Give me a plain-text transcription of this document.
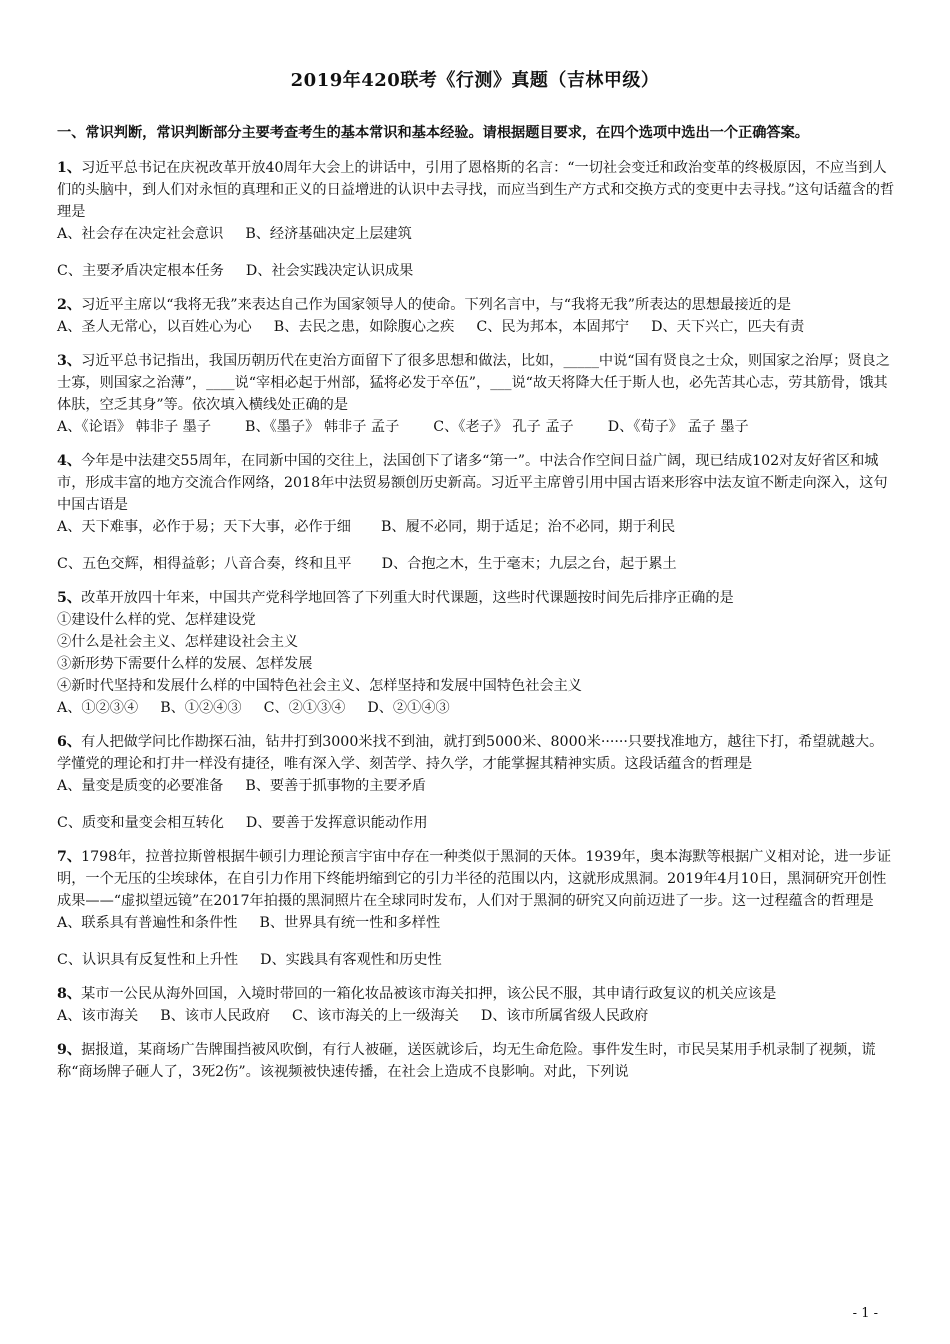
2019年420联考《行测》真题（吉林甲级）

一、常识判断，常识判断部分主要考查考生的基本常识和基本经验。请根据题目要求，在四个选项中选出一个正确答案。

1、习近平总书记在庆祝改革开放40周年大会上的讲话中，引用了恩格斯的名言：“一切社会变迁和政治变革的终极原因，不应当到人们的头脑中，到人们对永恒的真理和正义的日益增进的认识中去寻找，而应当到生产方式和交换方式的变更中去寻找。”这句话蕴含的哲理是

A、社会存在决定社会意识 B、经济基础决定上层建筑

C、主要矛盾决定根本任务 D、社会实践决定认识成果

2、习近平主席以“我将无我”来表达自己作为国家领导人的使命。下列名言中，与“我将无我”所表达的思想最接近的是

A、圣人无常心，以百姓心为心 B、去民之患，如除腹心之疾 C、民为邦本，本固邦宁 D、天下兴亡，匹夫有责

3、习近平总书记指出，我国历朝历代在吏治方面留下了很多思想和做法，比如，_____中说“国有贤良之士众，则国家之治厚；贤良之士寡，则国家之治薄”，____说“宰相必起于州部，猛将必发于卒伍”，___说“故天将降大任于斯人也，必先苦其心志，劳其筋骨，饿其体肤，空乏其身”等。依次填入横线处正确的是

A、《论语》 韩非子 墨子 B、《墨子》 韩非子 孟子 C、《老子》 孔子 孟子 D、《荀子》 孟子 墨子

4、今年是中法建交55周年，在同新中国的交往上，法国创下了诸多“第一”。中法合作空间日益广阔，现已结成102对友好省区和城市，形成丰富的地方交流合作网络，2018年中法贸易额创历史新高。习近平主席曾引用中国古语来形容中法友谊不断走向深入，这句中国古语是

A、天下难事，必作于易；天下大事，必作于细 B、履不必同，期于适足；治不必同，期于利民

C、五色交辉，相得益彰；八音合奏，终和且平 D、合抱之木，生于毫末；九层之台，起于累土

5、改革开放四十年来，中国共产党科学地回答了下列重大时代课题，这些时代课题按时间先后排序正确的是

①建设什么样的党、怎样建设党

②什么是社会主义、怎样建设社会主义

③新形势下需要什么样的发展、怎样发展

④新时代坚持和发展什么样的中国特色社会主义、怎样坚持和发展中国特色社会主义

A、①②③④ B、①②④③ C、②①③④ D、②①④③

6、有人把做学问比作勘探石油，钻井打到3000米找不到油，就打到5000米、8000米······只要找准地方，越往下打，希望就越大。学懂党的理论和打井一样没有捷径，唯有深入学、刻苦学、持久学，才能掌握其精神实质。这段话蕴含的哲理是

A、量变是质变的必要准备 B、要善于抓事物的主要矛盾

C、质变和量变会相互转化 D、要善于发挥意识能动作用

7、1798年，拉普拉斯曾根据牛顿引力理论预言宇宙中存在一种类似于黑洞的天体。1939年，奥本海默等根据广义相对论，进一步证明，一个无压的尘埃球体，在自引力作用下终能坍缩到它的引力半径的范围以内，这就形成黑洞。2019年4月10日，黑洞研究开创性成果——“虚拟望远镜”在2017年拍摄的黑洞照片在全球同时发布，人们对于黑洞的研究又向前迈进了一步。这一过程蕴含的哲理是

A、联系具有普遍性和条件性 B、世界具有统一性和多样性

C、认识具有反复性和上升性 D、实践具有客观性和历史性

8、某市一公民从海外回国，入境时带回的一箱化妆品被该市海关扣押，该公民不服，其申请行政复议的机关应该是

A、该市海关 B、该市人民政府 C、该市海关的上一级海关 D、该市所属省级人民政府

9、据报道，某商场广告牌围挡被风吹倒，有行人被砸，送医就诊后，均无生命危险。事件发生时，市民吴某用手机录制了视频，谎称“商场牌子砸人了，3死2伤”。该视频被快速传播，在社会上造成不良影响。对此，下列说

- 1 -
